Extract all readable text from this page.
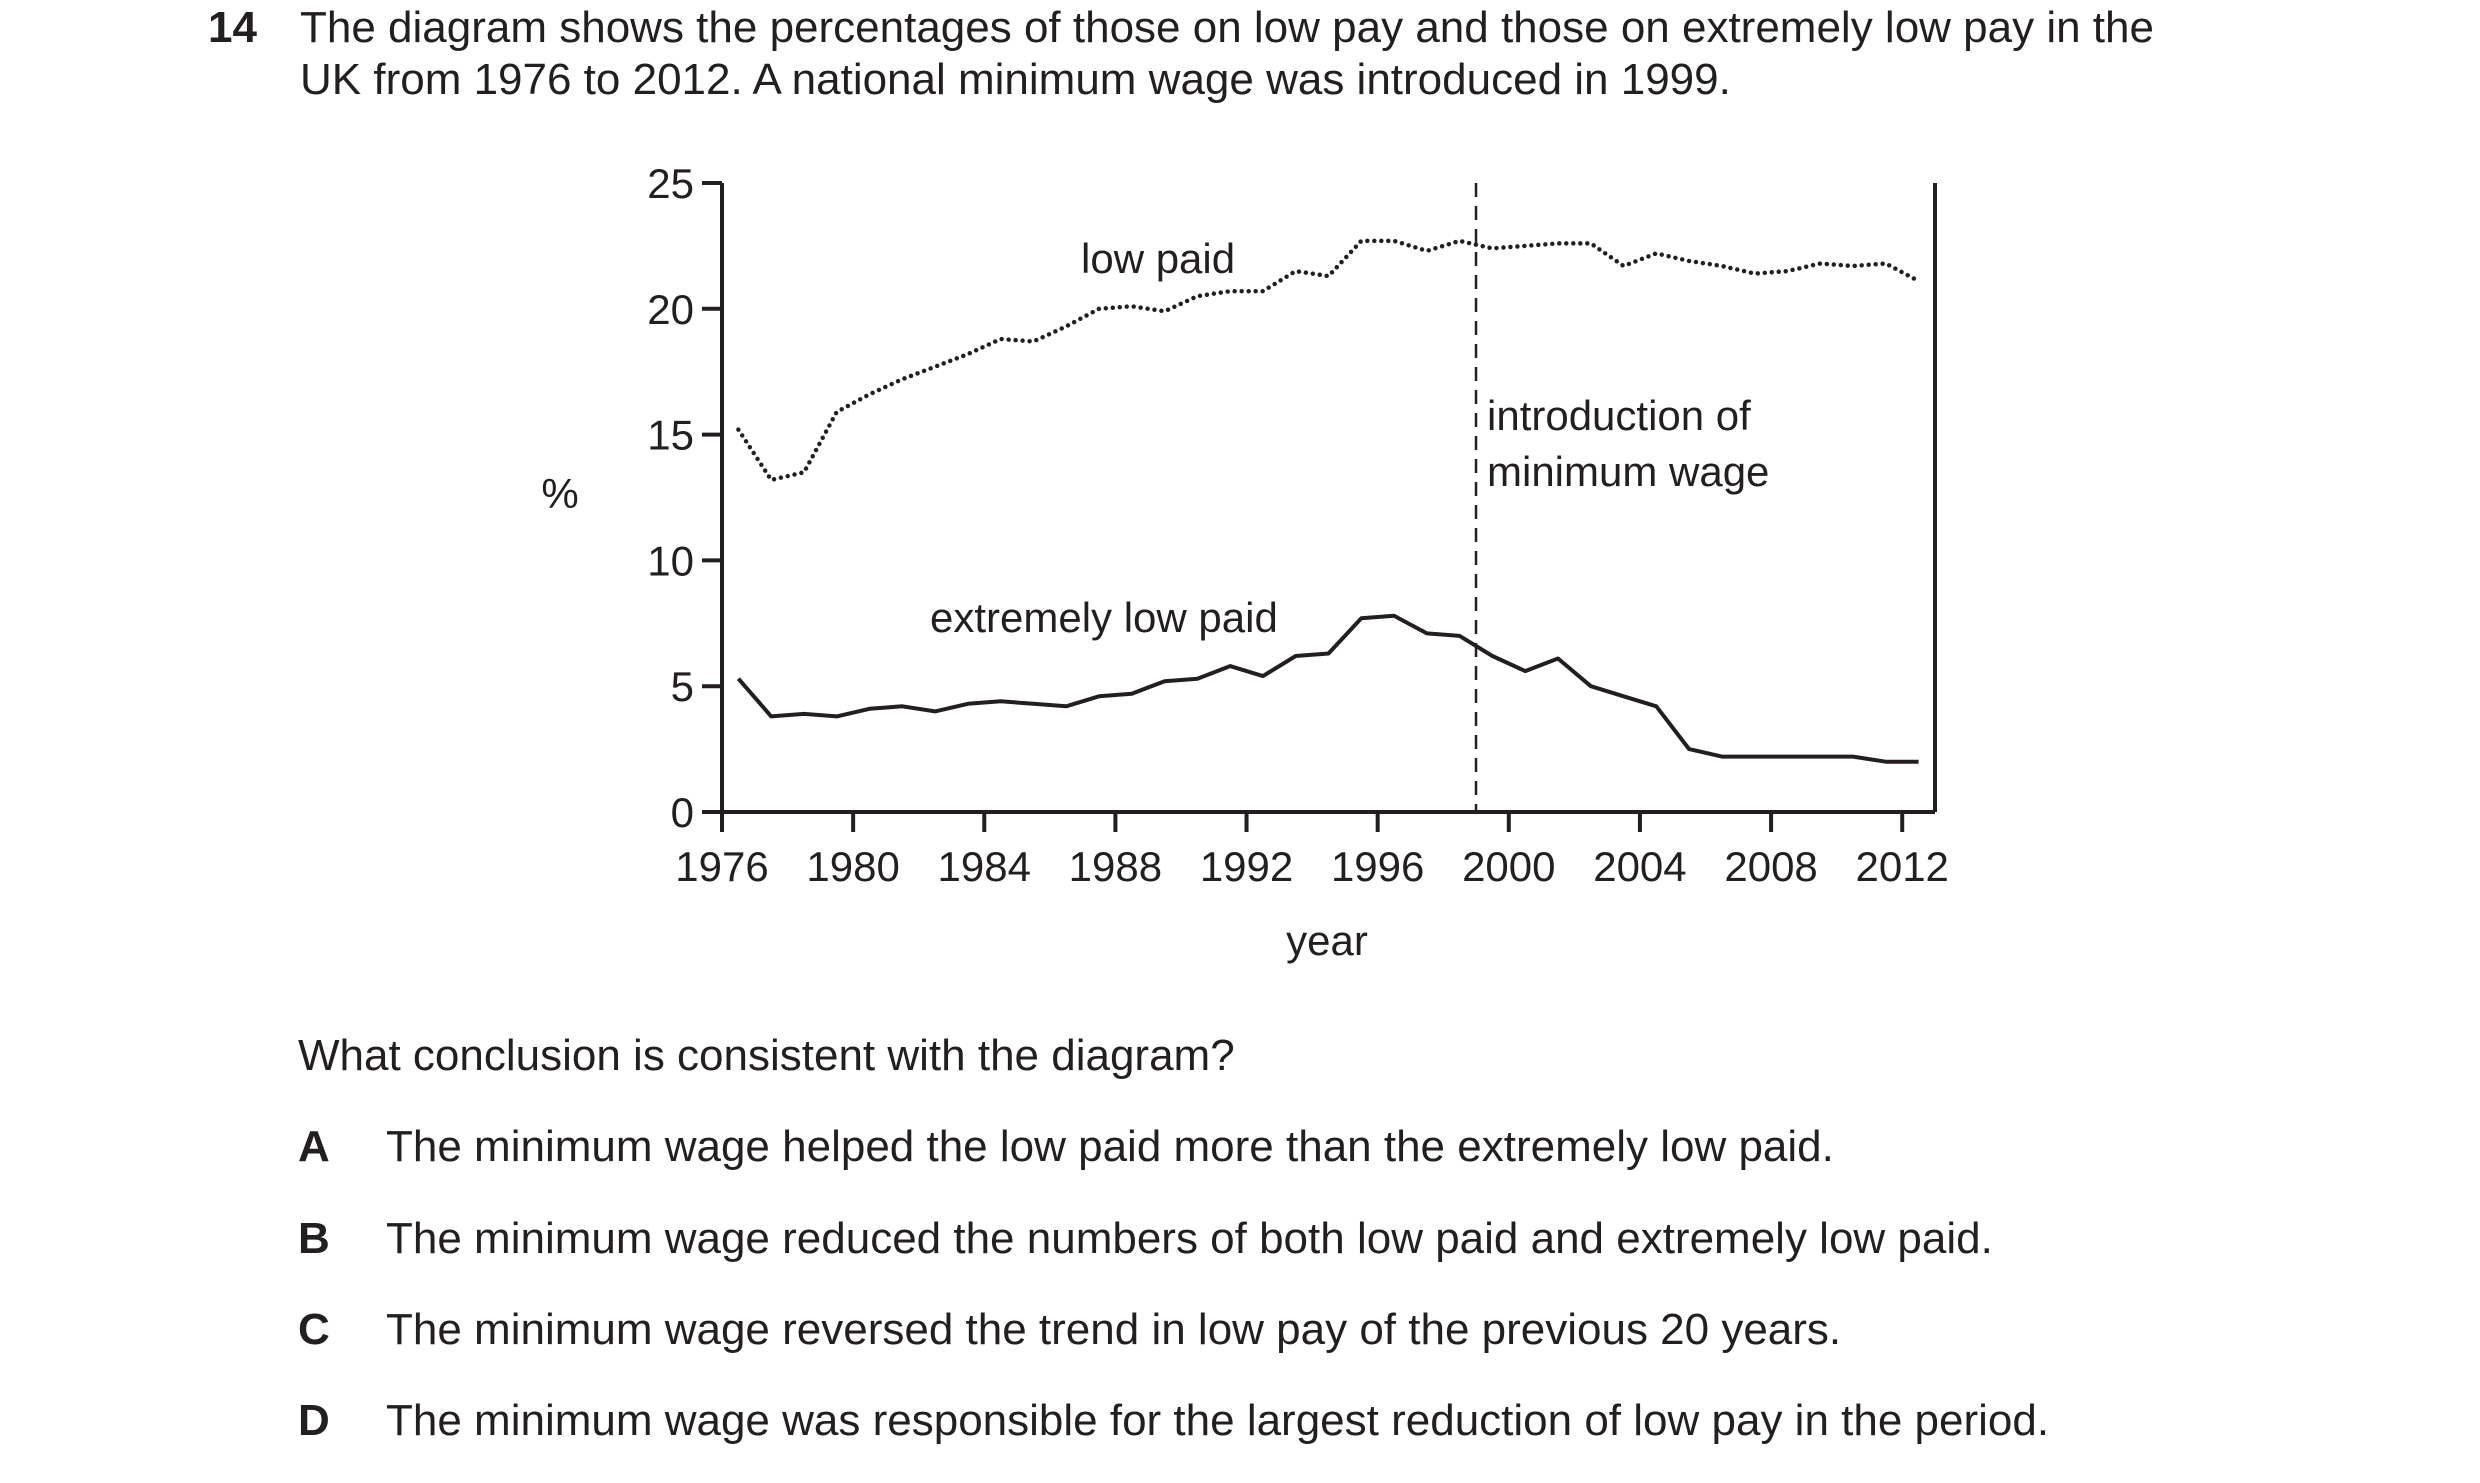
14 The diagram shows the percentages of those on low pay and those on extremely low pay in the

UK from 1976 to 2012. A national minimum wage was introduced in 1999.

0
5
10
15
20
25
1976 1980 1984 1988 1992 1996 2000 2004 2008 2012
year
%
low paid
extremely low paid
introduction of
minimum wage
What conclusion is consistent with the diagram?
A The minimum wage helped the low paid more than the extremely low paid.
B The minimum wage reduced the numbers of both low paid and extremely low paid.
C The minimum wage reversed the trend in low pay of the previous 20 years.
D The minimum wage was responsible for the largest reduction of low pay in the period.
